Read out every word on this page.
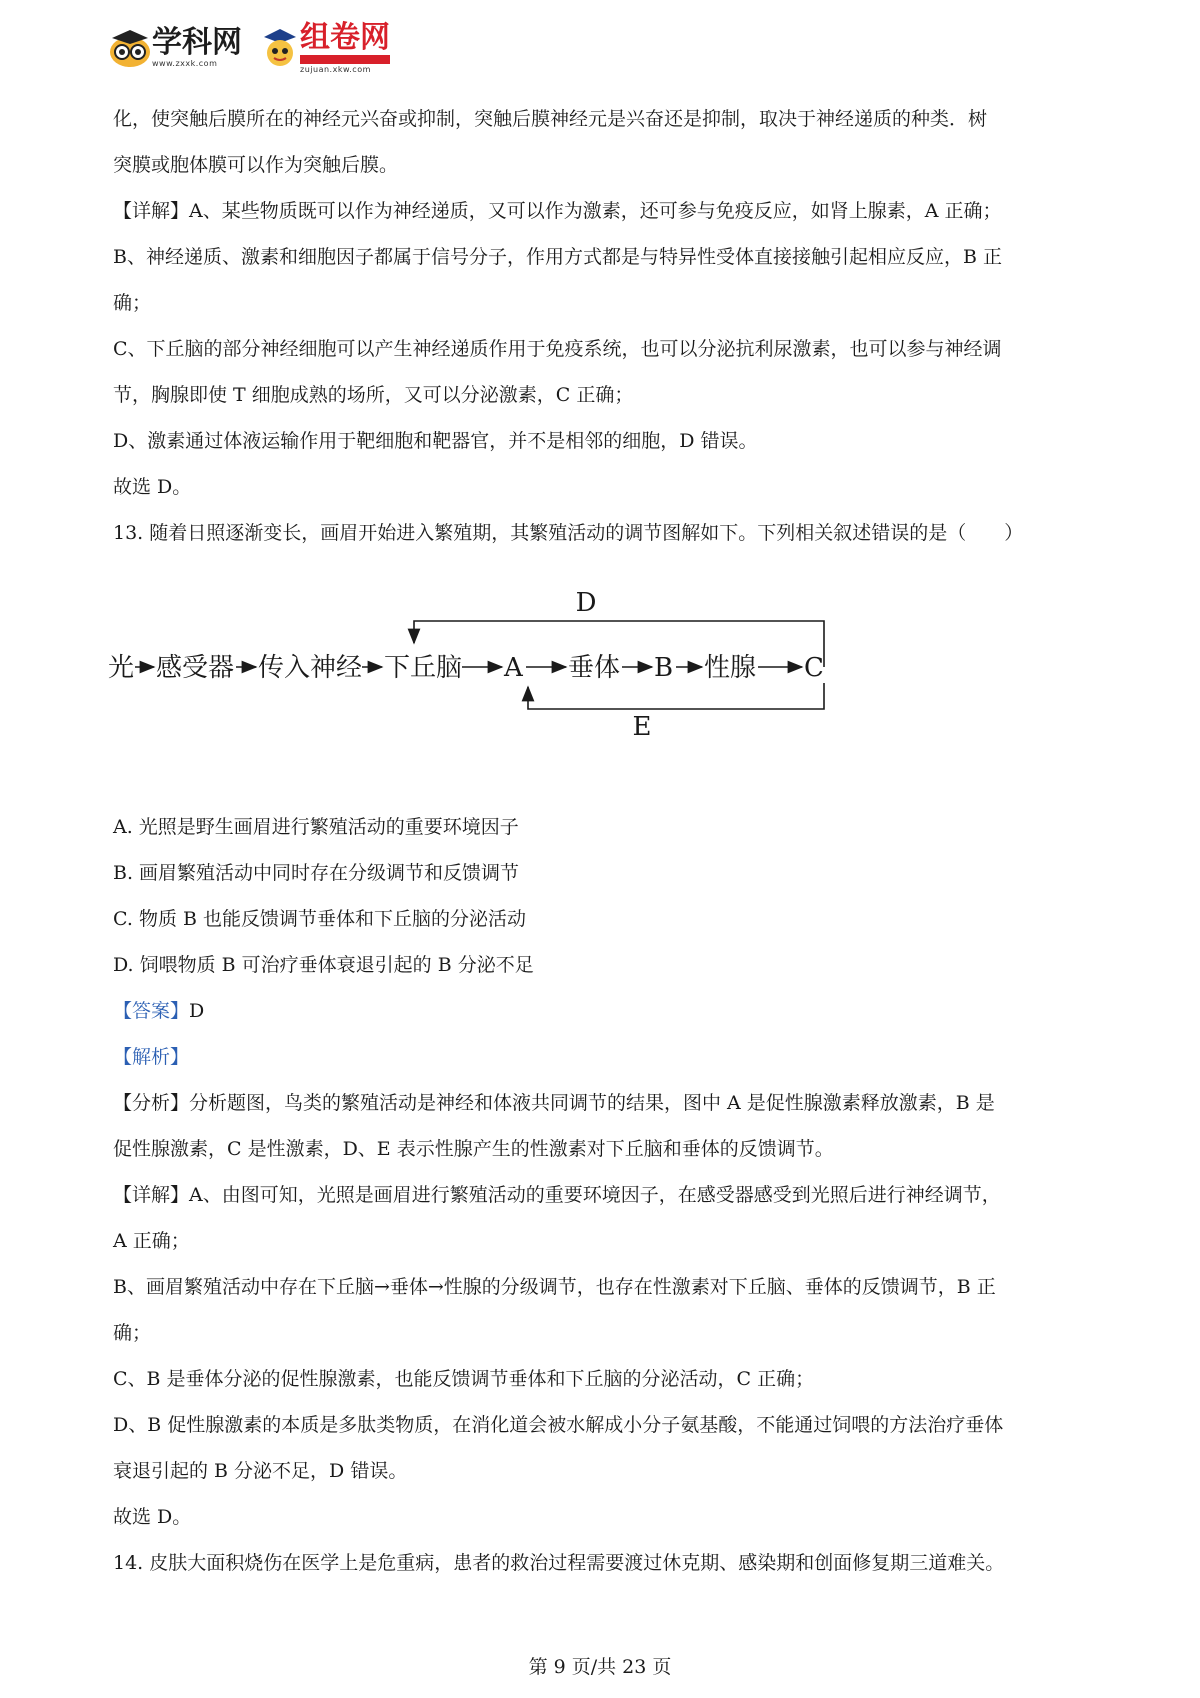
学科网
www.zxxk.com
组卷网

zujuan.xkw.com
化，使突触后膜所在的神经元兴奋或抑制，突触后膜神经元是兴奋还是抑制，取决于神经递质的种类．树
突膜或胞体膜可以作为突触后膜。
【详解】A、某些物质既可以作为神经递质，又可以作为激素，还可参与免疫反应，如肾上腺素，A 正确；
B、神经递质、激素和细胞因子都属于信号分子，作用方式都是与特异性受体直接接触引起相应反应，B 正
确；
C、下丘脑的部分神经细胞可以产生神经递质作用于免疫系统，也可以分泌抗利尿激素，也可以参与神经调
节，胸腺即使 T 细胞成熟的场所，又可以分泌激素，C 正确；
D、激素通过体液运输作用于靶细胞和靶器官，并不是相邻的细胞，D 错误。
故选 D。
13. 随着日照逐渐变长，画眉开始进入繁殖期，其繁殖活动的调节图解如下。下列相关叙述错误的是（　　）
A. 光照是野生画眉进行繁殖活动的重要环境因子
B. 画眉繁殖活动中同时存在分级调节和反馈调节
C. 物质 B 也能反馈调节垂体和下丘脑的分泌活动
D. 饲喂物质 B 可治疗垂体衰退引起的 B 分泌不足
【答案】D
【解析】
【分析】分析题图，鸟类的繁殖活动是神经和体液共同调节的结果，图中 A 是促性腺激素释放激素，B 是
促性腺激素，C 是性激素，D、E 表示性腺产生的性激素对下丘脑和垂体的反馈调节。
【详解】A、由图可知，光照是画眉进行繁殖活动的重要环境因子，在感受器感受到光照后进行神经调节，
A 正确；
B、画眉繁殖活动中存在下丘脑→垂体→性腺的分级调节，也存在性激素对下丘脑、垂体的反馈调节，B 正
确；
C、B 是垂体分泌的促性腺激素，也能反馈调节垂体和下丘脑的分泌活动，C 正确；
D、B 促性腺激素的本质是多肽类物质，在消化道会被水解成小分子氨基酸，不能通过饲喂的方法治疗垂体
衰退引起的 B 分泌不足，D 错误。
故选 D。
14. 皮肤大面积烧伤在医学上是危重病，患者的救治过程需要渡过休克期、感染期和创面修复期三道难关。
D
E
光 感受器 传入神经 下丘脑 A 垂体 B 性腺 C
第 9 页/共 23 页
